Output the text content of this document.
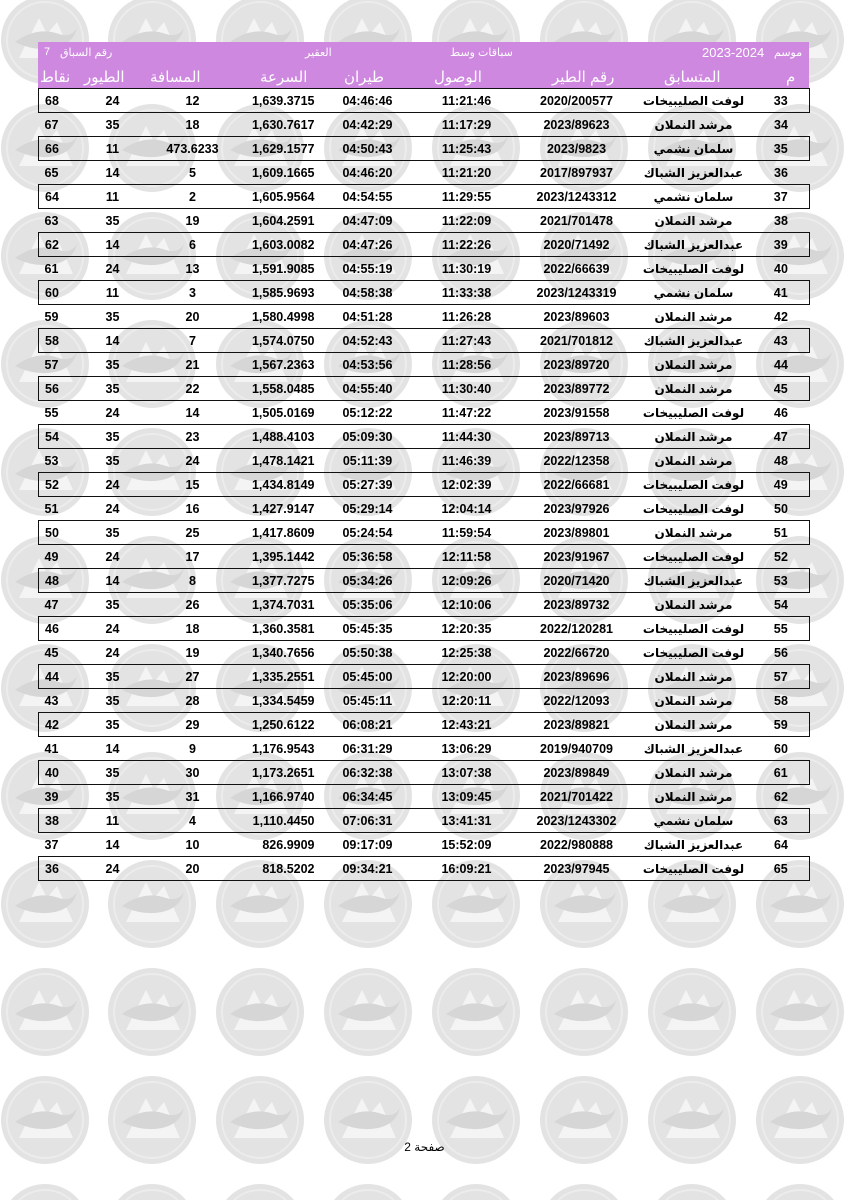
7 رقم السباق	العقير	سباقات وسط	2023-2024 موسم
نقاط الطيور المسافة	السرعة طيران	الوصول	رقم الطير	المتسابق	م
68	24	12	1,639.3715	04:46:46	11:21:46	2020/200577	لوفت الصليبيخات	33
67	35	18	1,630.7617	04:42:29	11:17:29	2023/89623	مرشد النملان	34
66	11	473.6233	1,629.1577	04:50:43	11:25:43	2023/9823	سلمان نشمي	35
65	14	5	1,609.1665	04:46:20	11:21:20	2017/897937	عبدالعزيز الشباك	36
64	11	2	1,605.9564	04:54:55	11:29:55	2023/1243312	سلمان نشمي	37
63	35	19	1,604.2591	04:47:09	11:22:09	2021/701478	مرشد النملان	38
62	14	6	1,603.0082	04:47:26	11:22:26	2020/71492	عبدالعزيز الشباك	39
61	24	13	1,591.9085	04:55:19	11:30:19	2022/66639	لوفت الصليبيخات	40
60	11	3	1,585.9693	04:58:38	11:33:38	2023/1243319	سلمان نشمي	41
59	35	20	1,580.4998	04:51:28	11:26:28	2023/89603	مرشد النملان	42
58	14	7	1,574.0750	04:52:43	11:27:43	2021/701812	عبدالعزيز الشباك	43
57	35	21	1,567.2363	04:53:56	11:28:56	2023/89720	مرشد النملان	44
56	35	22	1,558.0485	04:55:40	11:30:40	2023/89772	مرشد النملان	45
55	24	14	1,505.0169	05:12:22	11:47:22	2023/91558	لوفت الصليبيخات	46
54	35	23	1,488.4103	05:09:30	11:44:30	2023/89713	مرشد النملان	47
53	35	24	1,478.1421	05:11:39	11:46:39	2022/12358	مرشد النملان	48
52	24	15	1,434.8149	05:27:39	12:02:39	2022/66681	لوفت الصليبيخات	49
51	24	16	1,427.9147	05:29:14	12:04:14	2023/97926	لوفت الصليبيخات	50
50	35	25	1,417.8609	05:24:54	11:59:54	2023/89801	مرشد النملان	51
49	24	17	1,395.1442	05:36:58	12:11:58	2023/91967	لوفت الصليبيخات	52
48	14	8	1,377.7275	05:34:26	12:09:26	2020/71420	عبدالعزيز الشباك	53
47	35	26	1,374.7031	05:35:06	12:10:06	2023/89732	مرشد النملان	54
46	24	18	1,360.3581	05:45:35	12:20:35	2022/120281	لوفت الصليبيخات	55
45	24	19	1,340.7656	05:50:38	12:25:38	2022/66720	لوفت الصليبيخات	56
44	35	27	1,335.2551	05:45:00	12:20:00	2023/89696	مرشد النملان	57
43	35	28	1,334.5459	05:45:11	12:20:11	2022/12093	مرشد النملان	58
42	35	29	1,250.6122	06:08:21	12:43:21	2023/89821	مرشد النملان	59
41	14	9	1,176.9543	06:31:29	13:06:29	2019/940709	عبدالعزيز الشباك	60
40	35	30	1,173.2651	06:32:38	13:07:38	2023/89849	مرشد النملان	61
39	35	31	1,166.9740	06:34:45	13:09:45	2021/701422	مرشد النملان	62
38	11	4	1,110.4450	07:06:31	13:41:31	2023/1243302	سلمان نشمي	63
37	14	10	826.9909	09:17:09	15:52:09	2022/980888	عبدالعزيز الشباك	64
36	24	20	818.5202	09:34:21	16:09:21	2023/97945	لوفت الصليبيخات	65
صفحة 2
